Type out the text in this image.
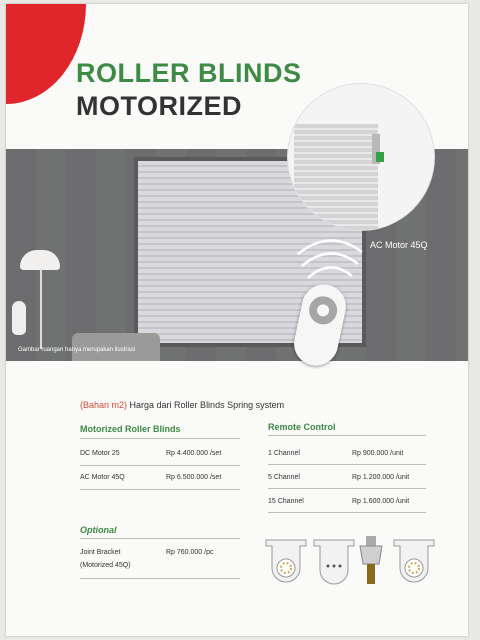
ROLLER BLINDS
MOTORIZED
Gambar ruangan hanya merupakan ilustrasi
AC Motor 45Q
(Bahan m2) Harga dari Roller Blinds Spring system
Motorized Roller Blinds
DC Motor 25	Rp 4.400.000 /set
AC Motor 45Q	Rp 6.500.000 /set
Remote Control
1 Channel	Rp 900.000 /unit
5 Channel	Rp 1.200.000 /unit
15 Channel	Rp 1.600.000 /unit
Optional
Joint Bracket
(Motorized 45Q)
Rp 760.000 /pc
